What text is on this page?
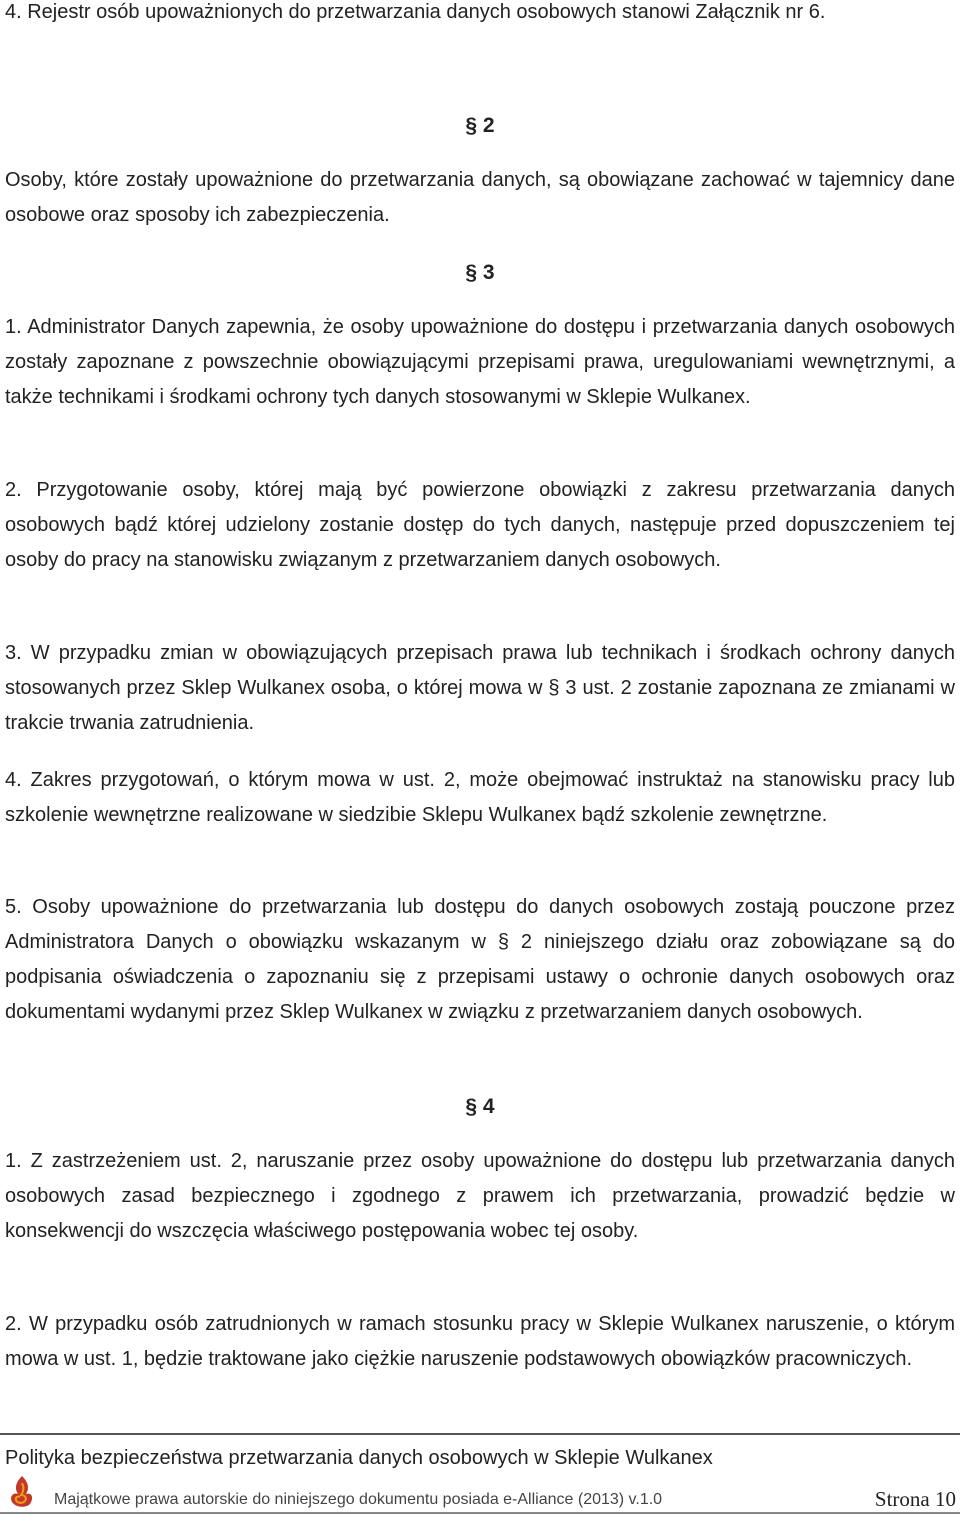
4. Rejestr osób upoważnionych do przetwarzania danych osobowych stanowi Załącznik nr 6.

§ 2

Osoby, które zostały upoważnione do przetwarzania danych, są obowiązane zachować w tajemnicy dane osobowe oraz sposoby ich zabezpieczenia.

§ 3

1. Administrator Danych zapewnia, że osoby upoważnione do dostępu i przetwarzania danych osobowych zostały zapoznane z powszechnie obowiązującymi przepisami prawa, uregulowaniami wewnętrznymi, a także technikami i środkami ochrony tych danych stosowanymi w Sklepie Wulkanex.

2. Przygotowanie osoby, której mają być powierzone obowiązki z zakresu przetwarzania danych osobowych bądź której udzielony zostanie dostęp do tych danych, następuje przed dopuszczeniem tej osoby do pracy na stanowisku związanym z przetwarzaniem danych osobowych.

3. W przypadku zmian w obowiązujących przepisach prawa lub technikach i środkach ochrony danych stosowanych przez Sklep Wulkanex osoba, o której mowa w § 3 ust. 2 zostanie zapoznana ze zmianami w trakcie trwania zatrudnienia.

4. Zakres przygotowań, o którym mowa w ust. 2, może obejmować instruktaż na stanowisku pracy lub szkolenie wewnętrzne realizowane w siedzibie Sklepu Wulkanex bądź szkolenie zewnętrzne.

5. Osoby upoważnione do przetwarzania lub dostępu do danych osobowych zostają pouczone przez Administratora Danych o obowiązku wskazanym w § 2 niniejszego działu oraz zobowiązane są do podpisania oświadczenia o zapoznaniu się z przepisami ustawy o ochronie danych osobowych oraz dokumentami wydanymi przez Sklep Wulkanex w związku z przetwarzaniem danych osobowych.

§ 4

1. Z zastrzeżeniem ust. 2, naruszanie przez osoby upoważnione do dostępu lub przetwarzania danych osobowych zasad bezpiecznego i zgodnego z prawem ich przetwarzania, prowadzić będzie w konsekwencji do wszczęcia właściwego postępowania wobec tej osoby.

2. W przypadku osób zatrudnionych w ramach stosunku pracy w Sklepie Wulkanex naruszenie, o którym mowa w ust. 1, będzie traktowane jako ciężkie naruszenie podstawowych obowiązków pracowniczych.

Polityka bezpieczeństwa przetwarzania danych osobowych w Sklepie Wulkanex
Majątkowe prawa autorskie do niniejszego dokumentu posiada e-Alliance (2013) v.1.0	Strona 10
